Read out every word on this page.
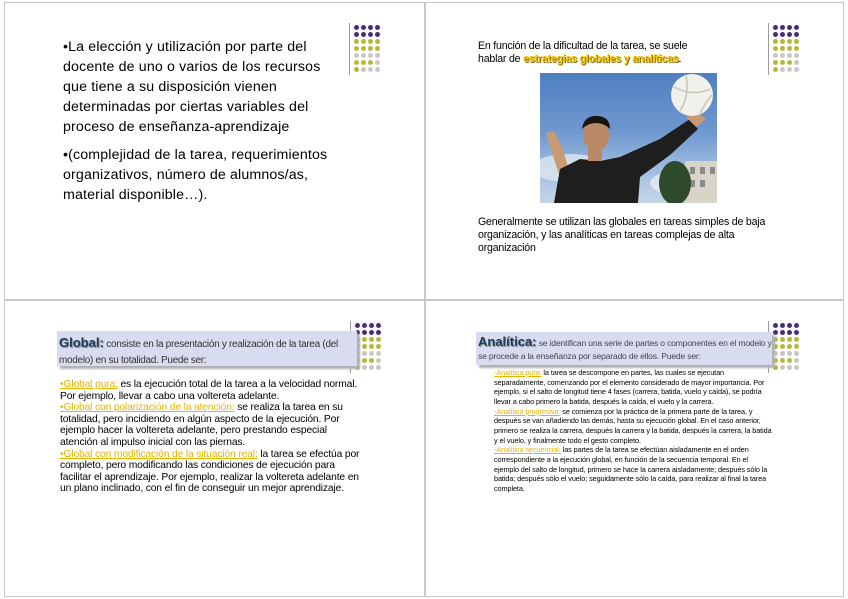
•La elección y utilización por parte del docente de uno o varios de los recursos que tiene a su disposición vienen determinadas por ciertas variables del proceso de enseñanza-aprendizaje

•(complejidad de la tarea, requerimientos organizativos, número de alumnos/as, material disponible…).

En función de la dificultad de la tarea, se suele
hablar de estrategias globales y analíticas.
Generalmente se utilizan las globales en tareas simples de baja organización, y las analíticas en tareas complejas de alta organización
Global: consiste en la presentación y realización de la tarea (del modelo) en su totalidad. Puede ser:

•Global pura: es la ejecución total de la tarea a la velocidad normal. Por ejemplo, llevar a cabo una voltereta adelante.

•Global con polarización de la atención: se realiza la tarea en su totalidad, pero incidiendo en algún aspecto de la ejecución. Por ejemplo hacer la voltereta adelante, pero prestando especial atención al impulso inicial con las piernas.

•Global con modificación de la situación real: la tarea se efectúa por completo, pero modificando las condiciones de ejecución para facilitar el aprendizaje. Por ejemplo, realizar la voltereta adelante en un plano inclinado, con el fin de conseguir un mejor aprendizaje.

Analítica: se identifican una serie de partes o componentes en el modelo y se procede a la enseñanza por separado de ellos. Puede ser:

-Analítica pura: la tarea se descompone en partes, las cuales se ejecutan separadamente, comenzando por el elemento considerado de mayor importancia. Por ejemplo, si el salto de longitud tiene 4 fases (carrera, batida, vuelo y caída), se podría llevar a cabo primero la batida, después la caída, el vuelo y la carrera.

-Analítica progresiva: se comienza por la práctica de la primera parte de la tarea, y después se van añadiendo las demás, hasta su ejecución global. En el caso anterior, primero se realiza la carrera, después la carrera y la batida, después la carrera, la batida y el vuelo, y finalmente todo el gesto completo.

-Analítica secuencial: las partes de la tarea se efectúan aisladamente en el orden correspondiente a la ejecución global, en función de la secuencia temporal. En el ejemplo del salto de longitud, primero se hace la carrera aisladamente; después sólo la batida; después sólo el vuelo; seguidamente sólo la caída, para realizar al final la tarea completa.
